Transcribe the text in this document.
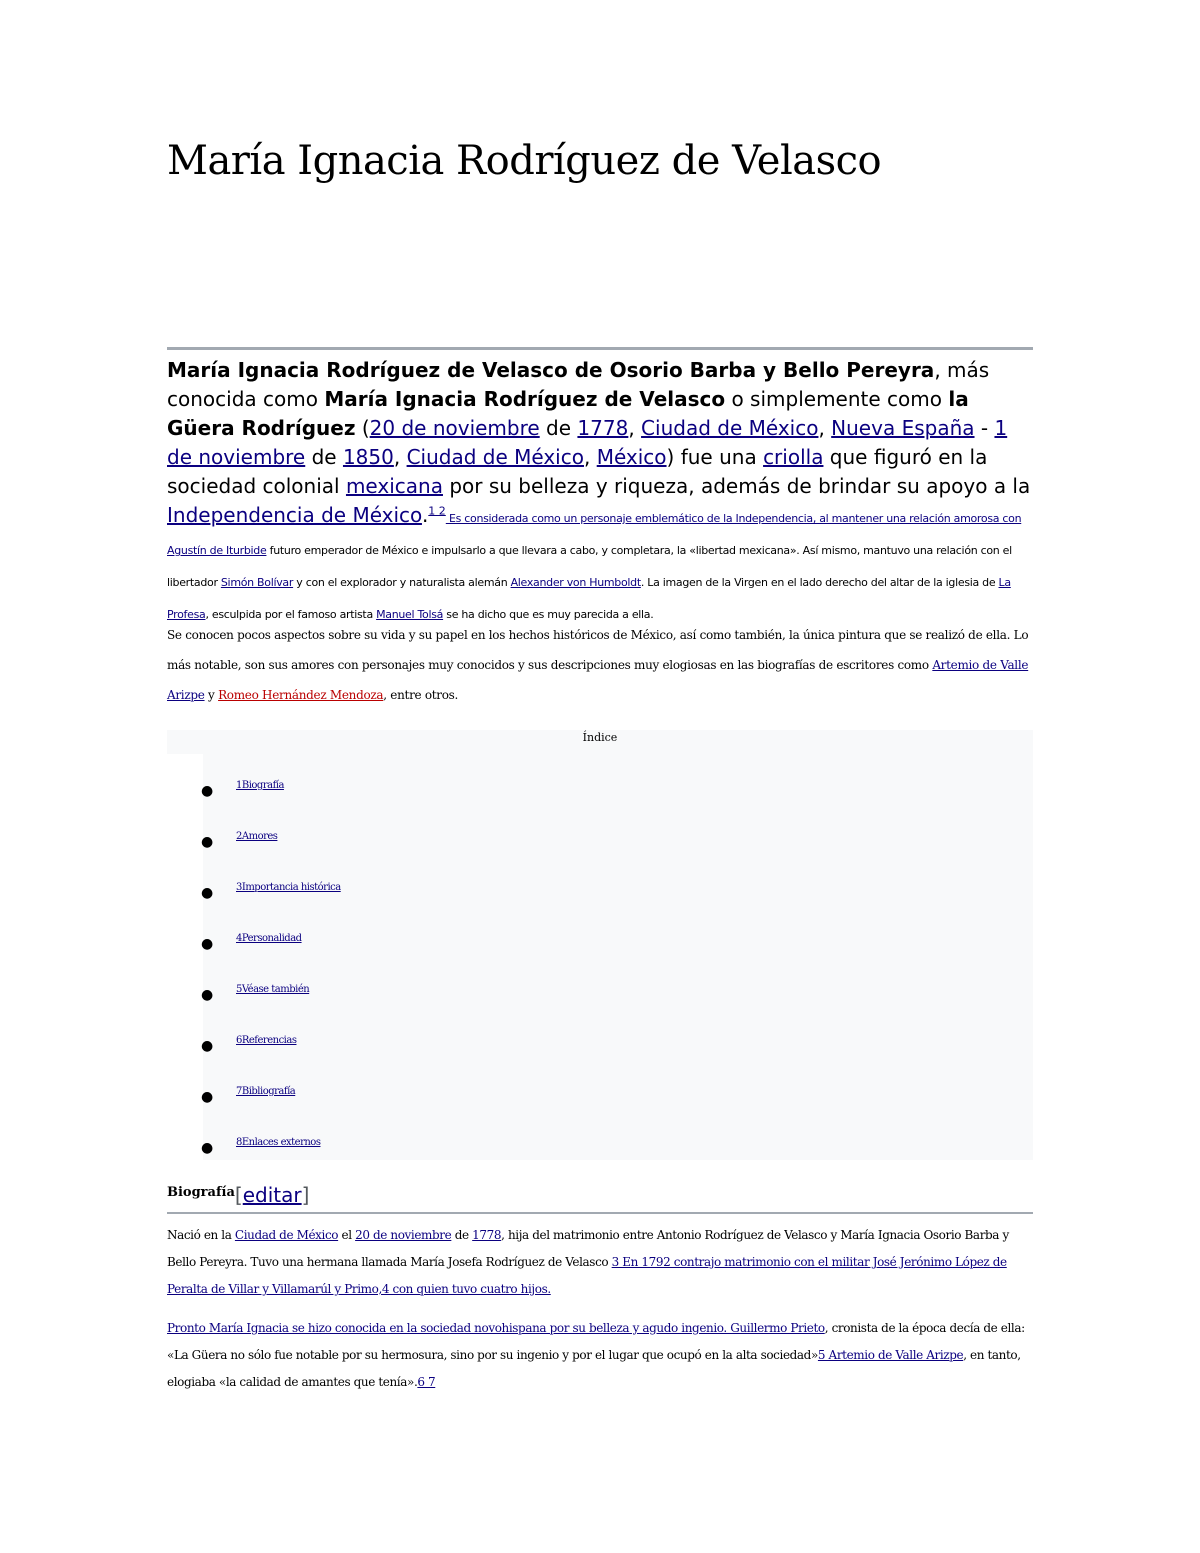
María Ignacia Rodríguez de Velasco

María Ignacia Rodríguez de Velasco de Osorio Barba y Bello Pereyra, más conocida como María Ignacia Rodríguez de Velasco o simplemente como la Güera Rodríguez (20 de noviembre de 1778, Ciudad de México, Nueva España - 1 de noviembre de 1850, Ciudad de México, México) fue una criolla que figuró en la sociedad colonial mexicana por su belleza y riqueza, además de brindar su apoyo a la Independencia de México.$^{1 2}$ Es considerada como un personaje emblemático de la Independencia, al mantener una relación amorosa con Agustín de Iturbide futuro emperador de México e impulsarlo a que llevara a cabo, y completara, la «libertad mexicana». Así mismo, mantuvo una relación con el libertador Simón Bolívar y con el explorador y naturalista alemán Alexander von Humboldt. La imagen de la Virgen en el lado derecho del altar de la iglesia de La Profesa, esculpida por el famoso artista Manuel Tolsá se ha dicho que es muy parecida a ella.

Se conocen pocos aspectos sobre su vida y su papel en los hechos históricos de México, así como también, la única pintura que se realizó de ella. Lo más notable, son sus amores con personajes muy conocidos y sus descripciones muy elogiosas en las biografías de escritores como Artemio de Valle Arizpe y Romeo Hernández Mendoza, entre otros.

Índice
● 1Biografía
● 2Amores
● 3Importancia histórica
● 4Personalidad
● 5Véase también
● 6Referencias
● 7Bibliografía
● 8Enlaces externos
Biografía[editar]

Nació en la Ciudad de México el 20 de noviembre de 1778, hija del matrimonio entre Antonio Rodríguez de Velasco y María Ignacia Osorio Barba y Bello Pereyra. Tuvo una hermana llamada María Josefa Rodríguez de Velasco 3 En 1792 contrajo matrimonio con el militar José Jerónimo López de Peralta de Villar y Villamarúl y Primo,4 con quien tuvo cuatro hijos.

Pronto María Ignacia se hizo conocida en la sociedad novohispana por su belleza y agudo ingenio. Guillermo Prieto, cronista de la época decía de ella: «La Güera no sólo fue notable por su hermosura, sino por su ingenio y por el lugar que ocupó en la alta sociedad»5 Artemio de Valle Arizpe, en tanto, elogiaba «la calidad de amantes que tenía».6 7
